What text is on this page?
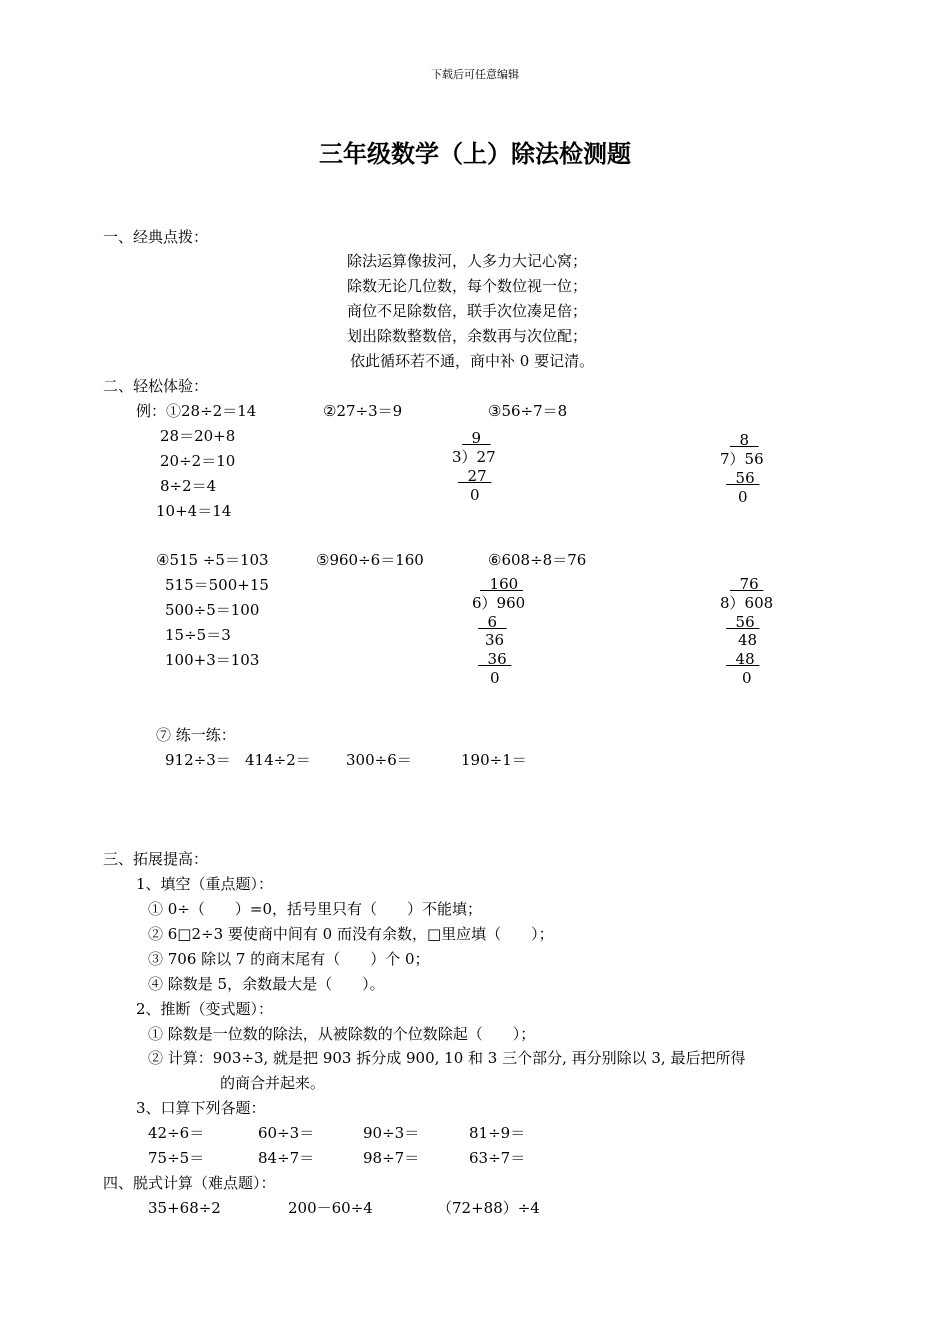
下载后可任意编辑
三年级数学（上）除法检测题
一、经典点拨：
除法运算像拔河，人多力大记心窝；
除数无论几位数，每个数位视一位；
商位不足除数倍，联手次位凑足倍；
划出除数整数倍，余数再与次位配；
依此循环若不通，商中补 0 要记清。
二、轻松体验：
例：①28÷2＝14
28＝20+8
20÷2＝10
8÷2＝4
10+4＝14
②27÷3＝9
9
3）27
27
0
③56÷7＝8
8
7）56
56
0
④515 ÷5＝103
515＝500+15
500÷5＝100
15÷5＝3
100+3＝103
⑤960÷6＝160
160
6）960
6
36
36
0
⑥608÷8＝76
76
8）608
56
48
48
0
⑦ 练一练：
912÷3＝ 414÷2＝ 300÷6＝	190÷1＝
三、拓展提高：
1、填空（重点题）：
① 0÷（　　）=0，括号里只有（　　）不能填；
② 6□2÷3 要使商中间有 0 而没有余数，□里应填（　　）；
③ 706 除以 7 的商末尾有（　　）个 0；
④ 除数是 5，余数最大是（　　）。
2、推断（变式题）：
① 除数是一位数的除法，从被除数的个位数除起（　　）；
② 计算：903÷3, 就是把 903 拆分成 900, 10 和 3 三个部分, 再分别除以 3, 最后把所得
的商合并起来。
3、口算下列各题：
42÷6＝	60÷3＝	90÷3＝	81÷9＝
75÷5＝	84÷7＝	98÷7＝	63÷7＝
四、脱式计算（难点题）：
35+68÷2	200－60÷4	（72+88）÷4
